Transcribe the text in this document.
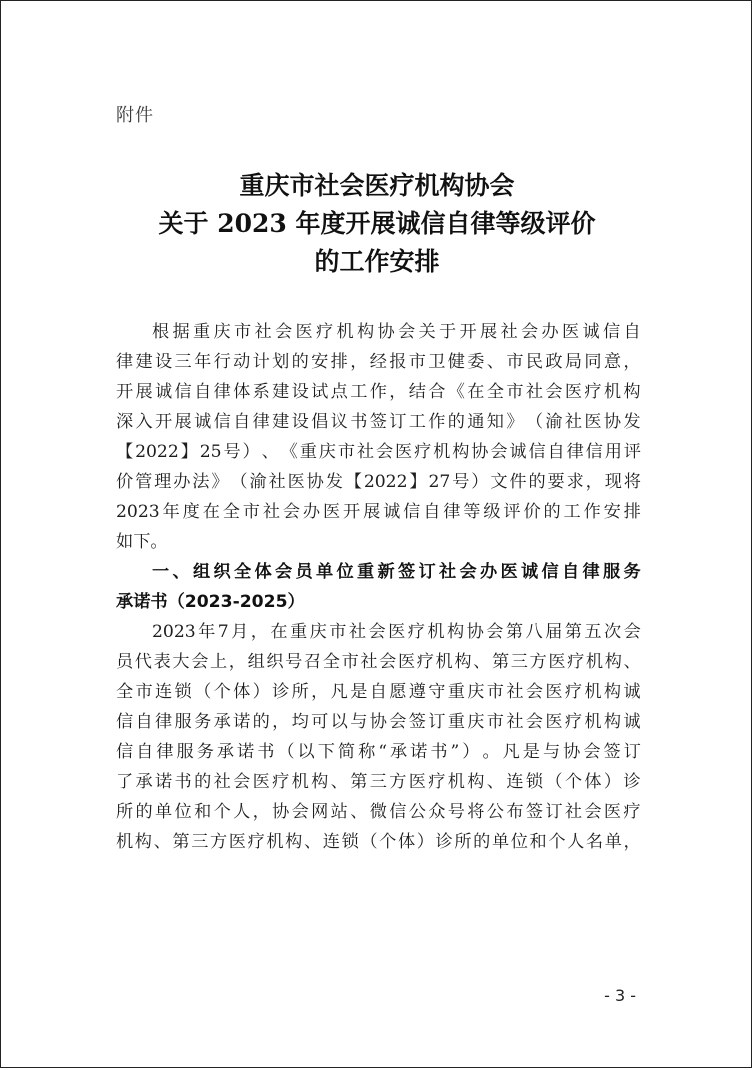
附件
重庆市社会医疗机构协会
关于 2023 年度开展诚信自律等级评价
的工作安排
根 据 重 庆 市 社 会 医 疗 机 构 协 会 关 于 开 展 社 会 办 医 诚 信 自
律 建 设 三 年 行 动 计 划 的 安 排 ， 经 报 市 卫 健 委 、 市 民 政 局 同 意 ，
开 展 诚 信 自 律 体 系 建 设 试 点 工 作 ， 结 合 《 在 全 市 社 会 医 疗 机 构
深 入 开 展 诚 信 自 律 建 设 倡 议 书 签 订 工 作 的 通 知 》 （ 渝 社 医 协 发
【 2022 】 25 号 ） 、 《 重 庆 市 社 会 医 疗 机 构 协 会 诚 信 自 律 信 用 评
价 管 理 办 法 》 （ 渝 社 医 协 发 【 2022 】 27 号 ） 文 件 的 要 求 ， 现 将
2023 年 度 在 全 市 社 会 办 医 开 展 诚 信 自 律 等 级 评 价 的 工 作 安 排
如下。
一 、 组 织 全 体 会 员 单 位 重 新 签 订 社 会 办 医 诚 信 自 律 服 务
承诺书（2023-2025）
2023 年 7 月 ， 在 重 庆 市 社 会 医 疗 机 构 协 会 第 八 届 第 五 次 会
员 代 表 大 会 上 ， 组 织 号 召 全 市 社 会 医 疗 机 构 、 第 三 方 医 疗 机 构 、
全 市 连 锁 （ 个 体 ） 诊 所 ， 凡 是 自 愿 遵 守 重 庆 市 社 会 医 疗 机 构 诚
信 自 律 服 务 承 诺 的 ， 均 可 以 与 协 会 签 订 重 庆 市 社 会 医 疗 机 构 诚
信 自 律 服 务 承 诺 书 （ 以 下 简 称 “ 承 诺 书 ” ） 。 凡 是 与 协 会 签 订
了 承 诺 书 的 社 会 医 疗 机 构 、 第 三 方 医 疗 机 构 、 连 锁 （ 个 体 ） 诊
所 的 单 位 和 个 人 ， 协 会 网 站 、 微 信 公 众 号 将 公 布 签 订 社 会 医 疗
机 构 、 第 三 方 医 疗 机 构 、 连 锁 （ 个 体 ） 诊 所 的 单 位 和 个 人 名 单 ，
- 3 -
